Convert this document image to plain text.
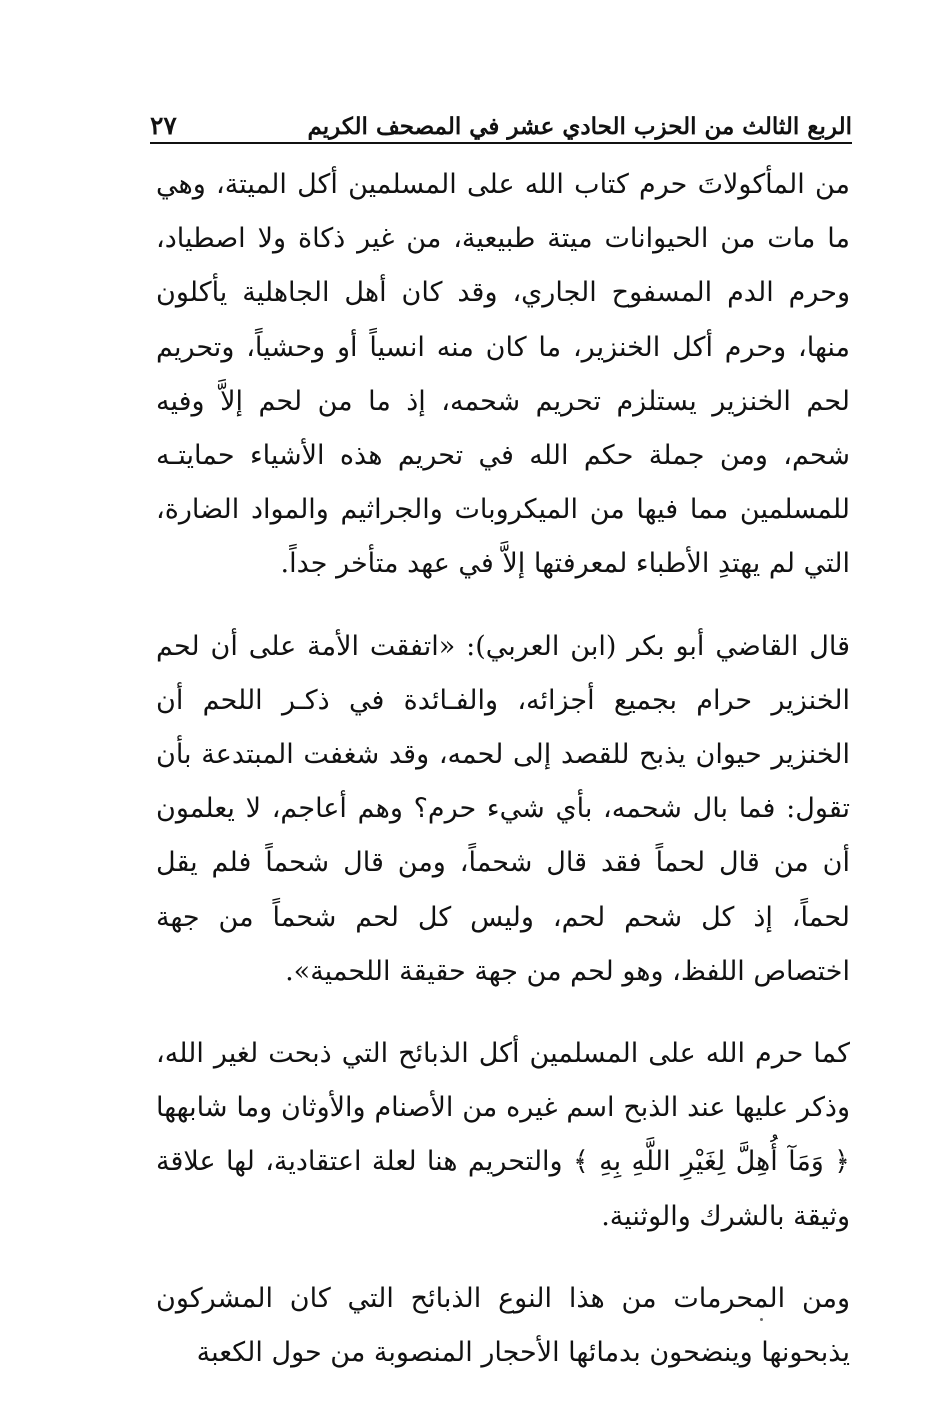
الربع الثالث من الحزب الحادي عشر في المصحف الكريم
٢٧

من المأكولاتَ حرم كتاب الله على المسلمين أكل الميتة، وهي ما مات من الحيوانات ميتة طبيعية، من غير ذكاة ولا اصطياد، وحرم الدم المسفوح الجاري، وقد كان أهل الجاهلية يأكلون منها، وحرم أكل الخنزير، ما كان منه انسياً أو وحشياً، وتحريم لحم الخنزير يستلزم تحريم شحمه، إذ ما من لحم إلاَّ وفيه شحم، ومن جملة حكم الله في تحريم هذه الأشياء حمايتـه للمسلمين مما فيها من الميكروبات والجراثيم والمواد الضارة، التي لم يهتدِ الأطباء لمعرفتها إلاَّ في عهد متأخر جداً.

قال القاضي أبو بكر (ابن العربي): «اتفقت الأمة على أن لحم الخنزير حرام بجميع أجزائه، والفـائدة في ذكـر اللحم أن الخنزير حيوان يذبح للقصد إلى لحمه، وقد شغفت المبتدعة بأن تقول: فما بال شحمه، بأي شيء حرم؟ وهم أعاجم، لا يعلمون أن من قال لحماً فقد قال شحماً، ومن قال شحماً فلم يقل لحماً، إذ كل شحم لحم، وليس كل لحم شحماً من جهة اختصاص اللفظ، وهو لحم من جهة حقيقة اللحمية».

كما حرم الله على المسلمين أكل الذبائح التي ذبحت لغير الله، وذكر عليها عند الذبح اسم غيره من الأصنام والأوثان وما شابهها ﴿ وَمَآ أُهِلَّ لِغَيْرِ اللَّهِ بِهِ ﴾ والتحريم هنا لعلة اعتقادية، لها علاقة وثيقة بالشرك والوثنية.

ومن المحرمات من هذا النوع الذبائح التي كان المشركون يذبحونها وينضحون بدمائها الأحجار المنصوبة من حول الكعبة
